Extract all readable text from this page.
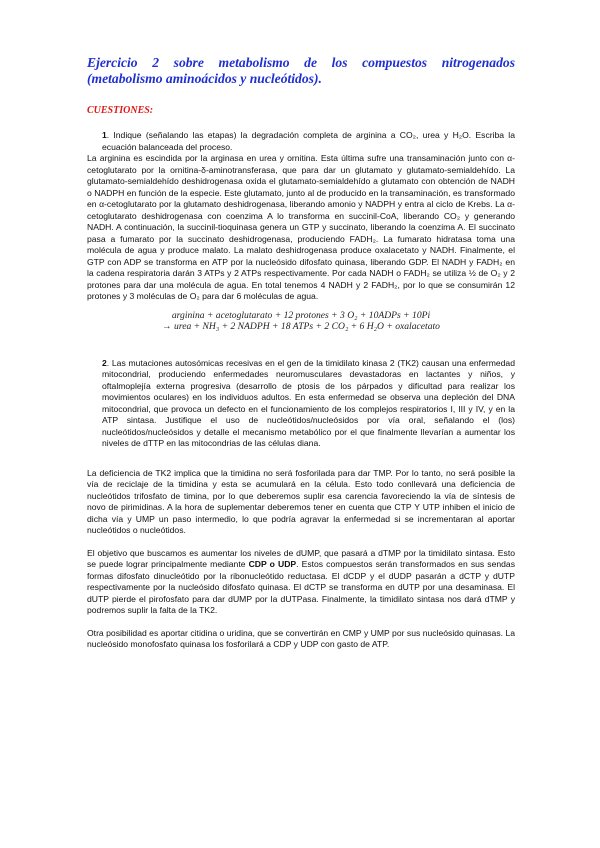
Ejercicio 2 sobre metabolismo de los compuestos nitrogenados
(metabolismo aminoácidos y nucleótidos).
CUESTIONES:

1. Indique (señalando las etapas) la degradación completa de arginina a CO₂, urea y H₂O. Escriba la ecuación balanceada del proceso.

La arginina es escindida por la arginasa en urea y ornitina. Esta última sufre una transaminación junto con α-cetoglutarato por la ornitina-δ-aminotransferasa, que para dar un glutamato y glutamato-semialdehído. La glutamato-semialdehído deshidrogenasa oxida el glutamato-semialdehído a glutamato con obtención de NADH o NADPH en función de la especie. Este glutamato, junto al de producido en la transaminación, es transformado en α-cetoglutarato por la glutamato deshidrogenasa, liberando amonio y NADPH y entra al ciclo de Krebs. La α-cetoglutarato deshidrogenasa con coenzima A lo transforma en succinil-CoA, liberando CO₂ y generando NADH. A continuación, la succinil-tioquinasa genera un GTP y succinato, liberando la coenzima A. El succinato pasa a fumarato por la succinato deshidrogenasa, produciendo FADH₂. La fumarato hidratasa toma una molécula de agua y produce malato. La malato deshidrogenasa produce oxalacetato y NADH. Finalmente, el GTP con ADP se transforma en ATP por la nucleósido difosfato quinasa, liberando GDP. El NADH y FADH₂ en la cadena respiratoria darán 3 ATPs y 2 ATPs respectivamente. Por cada NADH o FADH₂ se utiliza ½ de O₂ y 2 protones para dar una molécula de agua. En total tenemos 4 NADH y 2 FADH₂, por lo que se consumirán 12 protones y 3 moléculas de O₂ para dar 6 moléculas de agua.

arginina + acetoglutarato + 12 protones + 3 O₂ + 10ADPs + 10Pi
→ urea + NH₃ + 2 NADPH + 18 ATPs + 2 CO₂ + 6 H₂O + oxalacetato

2. Las mutaciones autosómicas recesivas en el gen de la timidilato kinasa 2 (TK2) causan una enfermedad mitocondrial, produciendo enfermedades neuromusculares devastadoras en lactantes y niños, y oftalmoplejía externa progresiva (desarrollo de ptosis de los párpados y dificultad para realizar los movimientos oculares) en los individuos adultos. En esta enfermedad se observa una depleción del DNA mitocondrial, que provoca un defecto en el funcionamiento de los complejos respiratorios I, III y IV, y en la ATP sintasa. Justifique el uso de nucleótidos/nucleósidos por vía oral, señalando el (los) nucleótidos/nucleósidos y detalle el mecanismo metabólico por el que finalmente llevarían a aumentar los niveles de dTTP en las mitocondrias de las células diana.

La deficiencia de TK2 implica que la timidina no será fosforilada para dar TMP. Por lo tanto, no será posible la vía de reciclaje de la timidina y esta se acumulará en la célula. Esto todo conllevará una deficiencia de nucleótidos trifosfato de timina, por lo que deberemos suplir esa carencia favoreciendo la vía de síntesis de novo de pirimidinas. A la hora de suplementar deberemos tener en cuenta que CTP Y UTP inhiben el inicio de dicha vía y UMP un paso intermedio, lo que podría agravar la enfermedad si se incrementaran al aportar nucleótidos o nucleótidos.

El objetivo que buscamos es aumentar los niveles de dUMP, que pasará a dTMP por la timidilato sintasa. Esto se puede lograr principalmente mediante CDP o UDP. Estos compuestos serán transformados en sus sendas formas difosfato dinucleótido por la ribonucleótido reductasa. El dCDP y el dUDP pasarán a dCTP y dUTP respectivamente por la nucleósido difosfato quinasa. El dCTP se transforma en dUTP por una desaminasa. El dUTP pierde el pirofosfato para dar dUMP por la dUTPasa. Finalmente, la timidilato sintasa nos dará dTMP y podremos suplir la falta de la TK2.

Otra posibilidad es aportar citidina o uridina, que se convertirán en CMP y UMP por sus nucleósido quinasas. La nucleósido monofosfato quinasa los fosforilará a CDP y UDP con gasto de ATP.
